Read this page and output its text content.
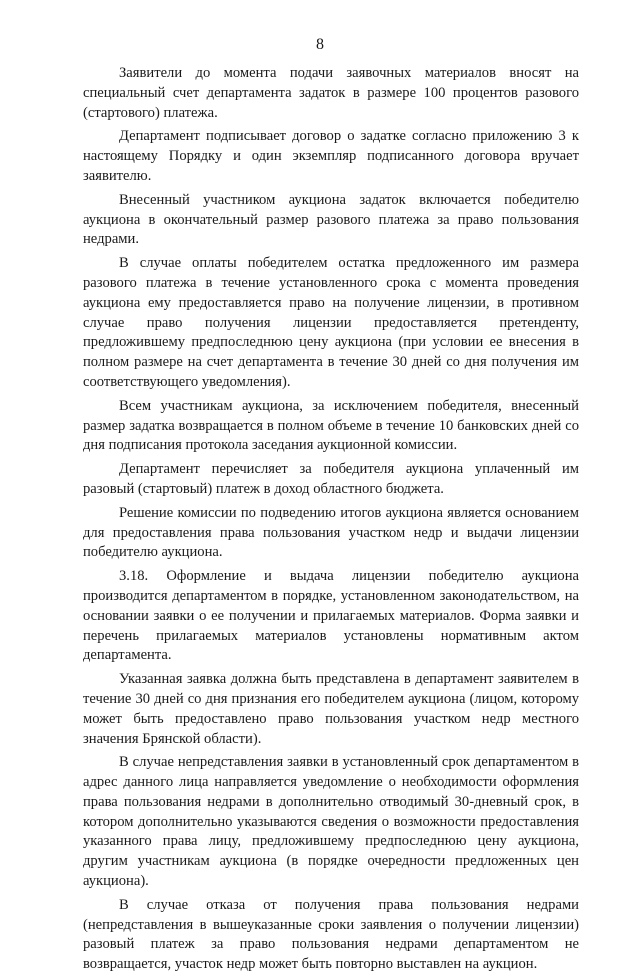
8

Заявители до момента подачи заявочных материалов вносят на специальный счет департамента задаток в размере 100 процентов разового (стартового) платежа.

Департамент подписывает договор о задатке согласно приложению 3 к настоящему Порядку и один экземпляр подписанного договора вручает заявителю.

Внесенный участником аукциона задаток включается победителю аукциона в окончательный размер разового платежа за право пользования недрами.

В случае оплаты победителем остатка предложенного им размера разового платежа в течение установленного срока с момента проведения аукциона ему предоставляется право на получение лицензии, в противном случае право получения лицензии предоставляется претенденту, предложившему предпоследнюю цену аукциона (при условии ее внесения в полном размере на счет департамента в течение 30 дней со дня получения им соответствующего уведомления).

Всем участникам аукциона, за исключением победителя, внесенный размер задатка возвращается в полном объеме в течение 10 банковских дней со дня подписания протокола заседания аукционной комиссии.

Департамент перечисляет за победителя аукциона уплаченный им разовый (стартовый) платеж в доход областного бюджета.

Решение комиссии по подведению итогов аукциона является основанием для предоставления права пользования участком недр и выдачи лицензии победителю аукциона.

3.18. Оформление и выдача лицензии победителю аукциона производится департаментом в порядке, установленном законодательством, на основании заявки о ее получении и прилагаемых материалов. Форма заявки и перечень прилагаемых материалов установлены нормативным актом департамента.

Указанная заявка должна быть представлена в департамент заявителем в течение 30 дней со дня признания его победителем аукциона (лицом, которому может быть предоставлено право пользования участком недр местного значения Брянской области).

В случае непредставления заявки в установленный срок департаментом в адрес данного лица направляется уведомление о необходимости оформления права пользования недрами в дополнительно отводимый 30-дневный срок, в котором дополнительно указываются сведения о возможности предоставления указанного права лицу, предложившему предпоследнюю цену аукциона, другим участникам аукциона (в порядке очередности предложенных цен аукциона).

В случае отказа от получения права пользования недрами (непредставления в вышеуказанные сроки заявления о получении лицензии) разовый платеж за право пользования недрами департаментом не возвращается, участок недр может быть повторно выставлен на аукцион.
